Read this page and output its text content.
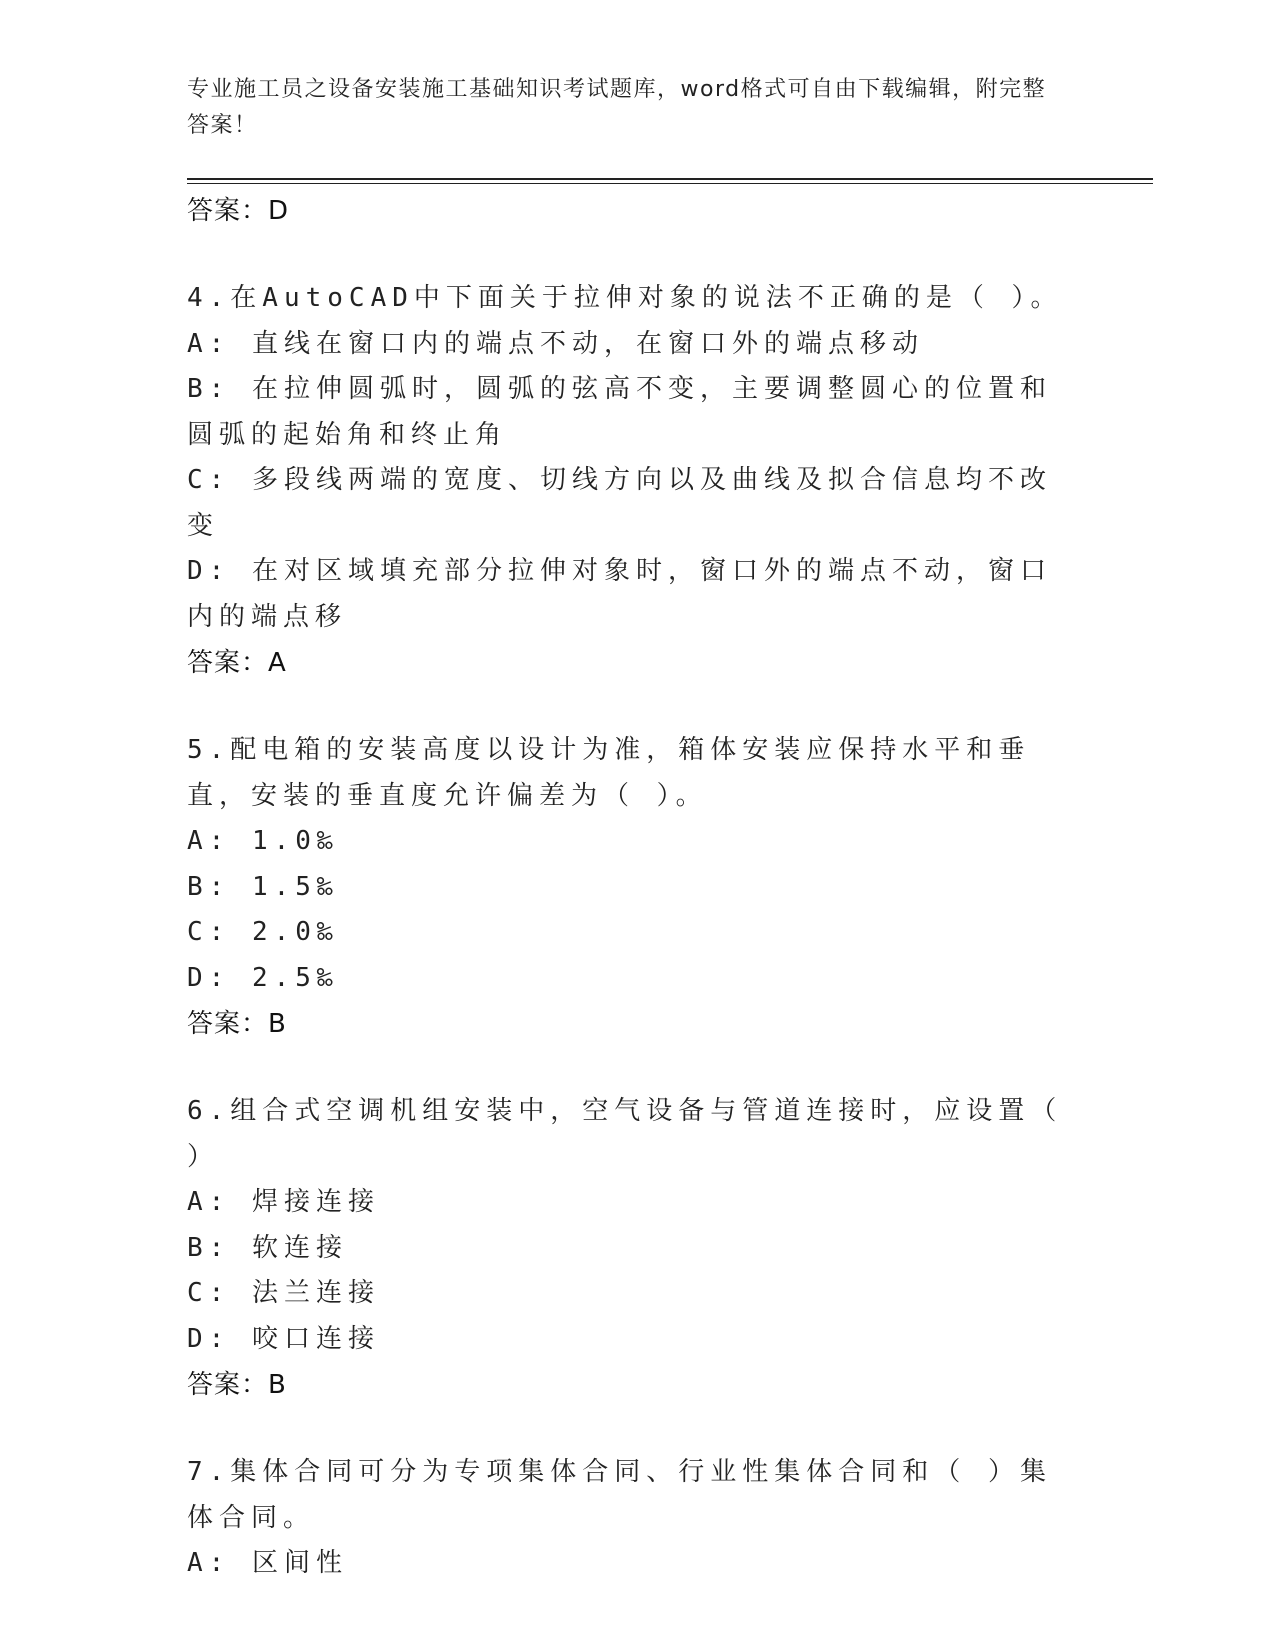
专业施工员之设备安装施工基础知识考试题库，word格式可自由下载编辑，附完整答案！
答案：D
4.在AutoCAD中下面关于拉伸对象的说法不正确的是（ ）。
A: 直线在窗口内的端点不动，在窗口外的端点移动
B: 在拉伸圆弧时，圆弧的弦高不变，主要调整圆心的位置和圆弧的起始角和终止角
C: 多段线两端的宽度、切线方向以及曲线及拟合信息均不改变
D: 在对区域填充部分拉伸对象时，窗口外的端点不动，窗口内的端点移
答案：A
5.配电箱的安装高度以设计为准，箱体安装应保持水平和垂直，安装的垂直度允许偏差为（ ）。
A: 1.0‰
B: 1.5‰
C: 2.0‰
D: 2.5‰
答案：B
6.组合式空调机组安装中，空气设备与管道连接时，应设置（ ）
A: 焊接连接
B: 软连接
C: 法兰连接
D: 咬口连接
答案：B
7.集体合同可分为专项集体合同、行业性集体合同和（ ）集体合同。
A: 区间性
